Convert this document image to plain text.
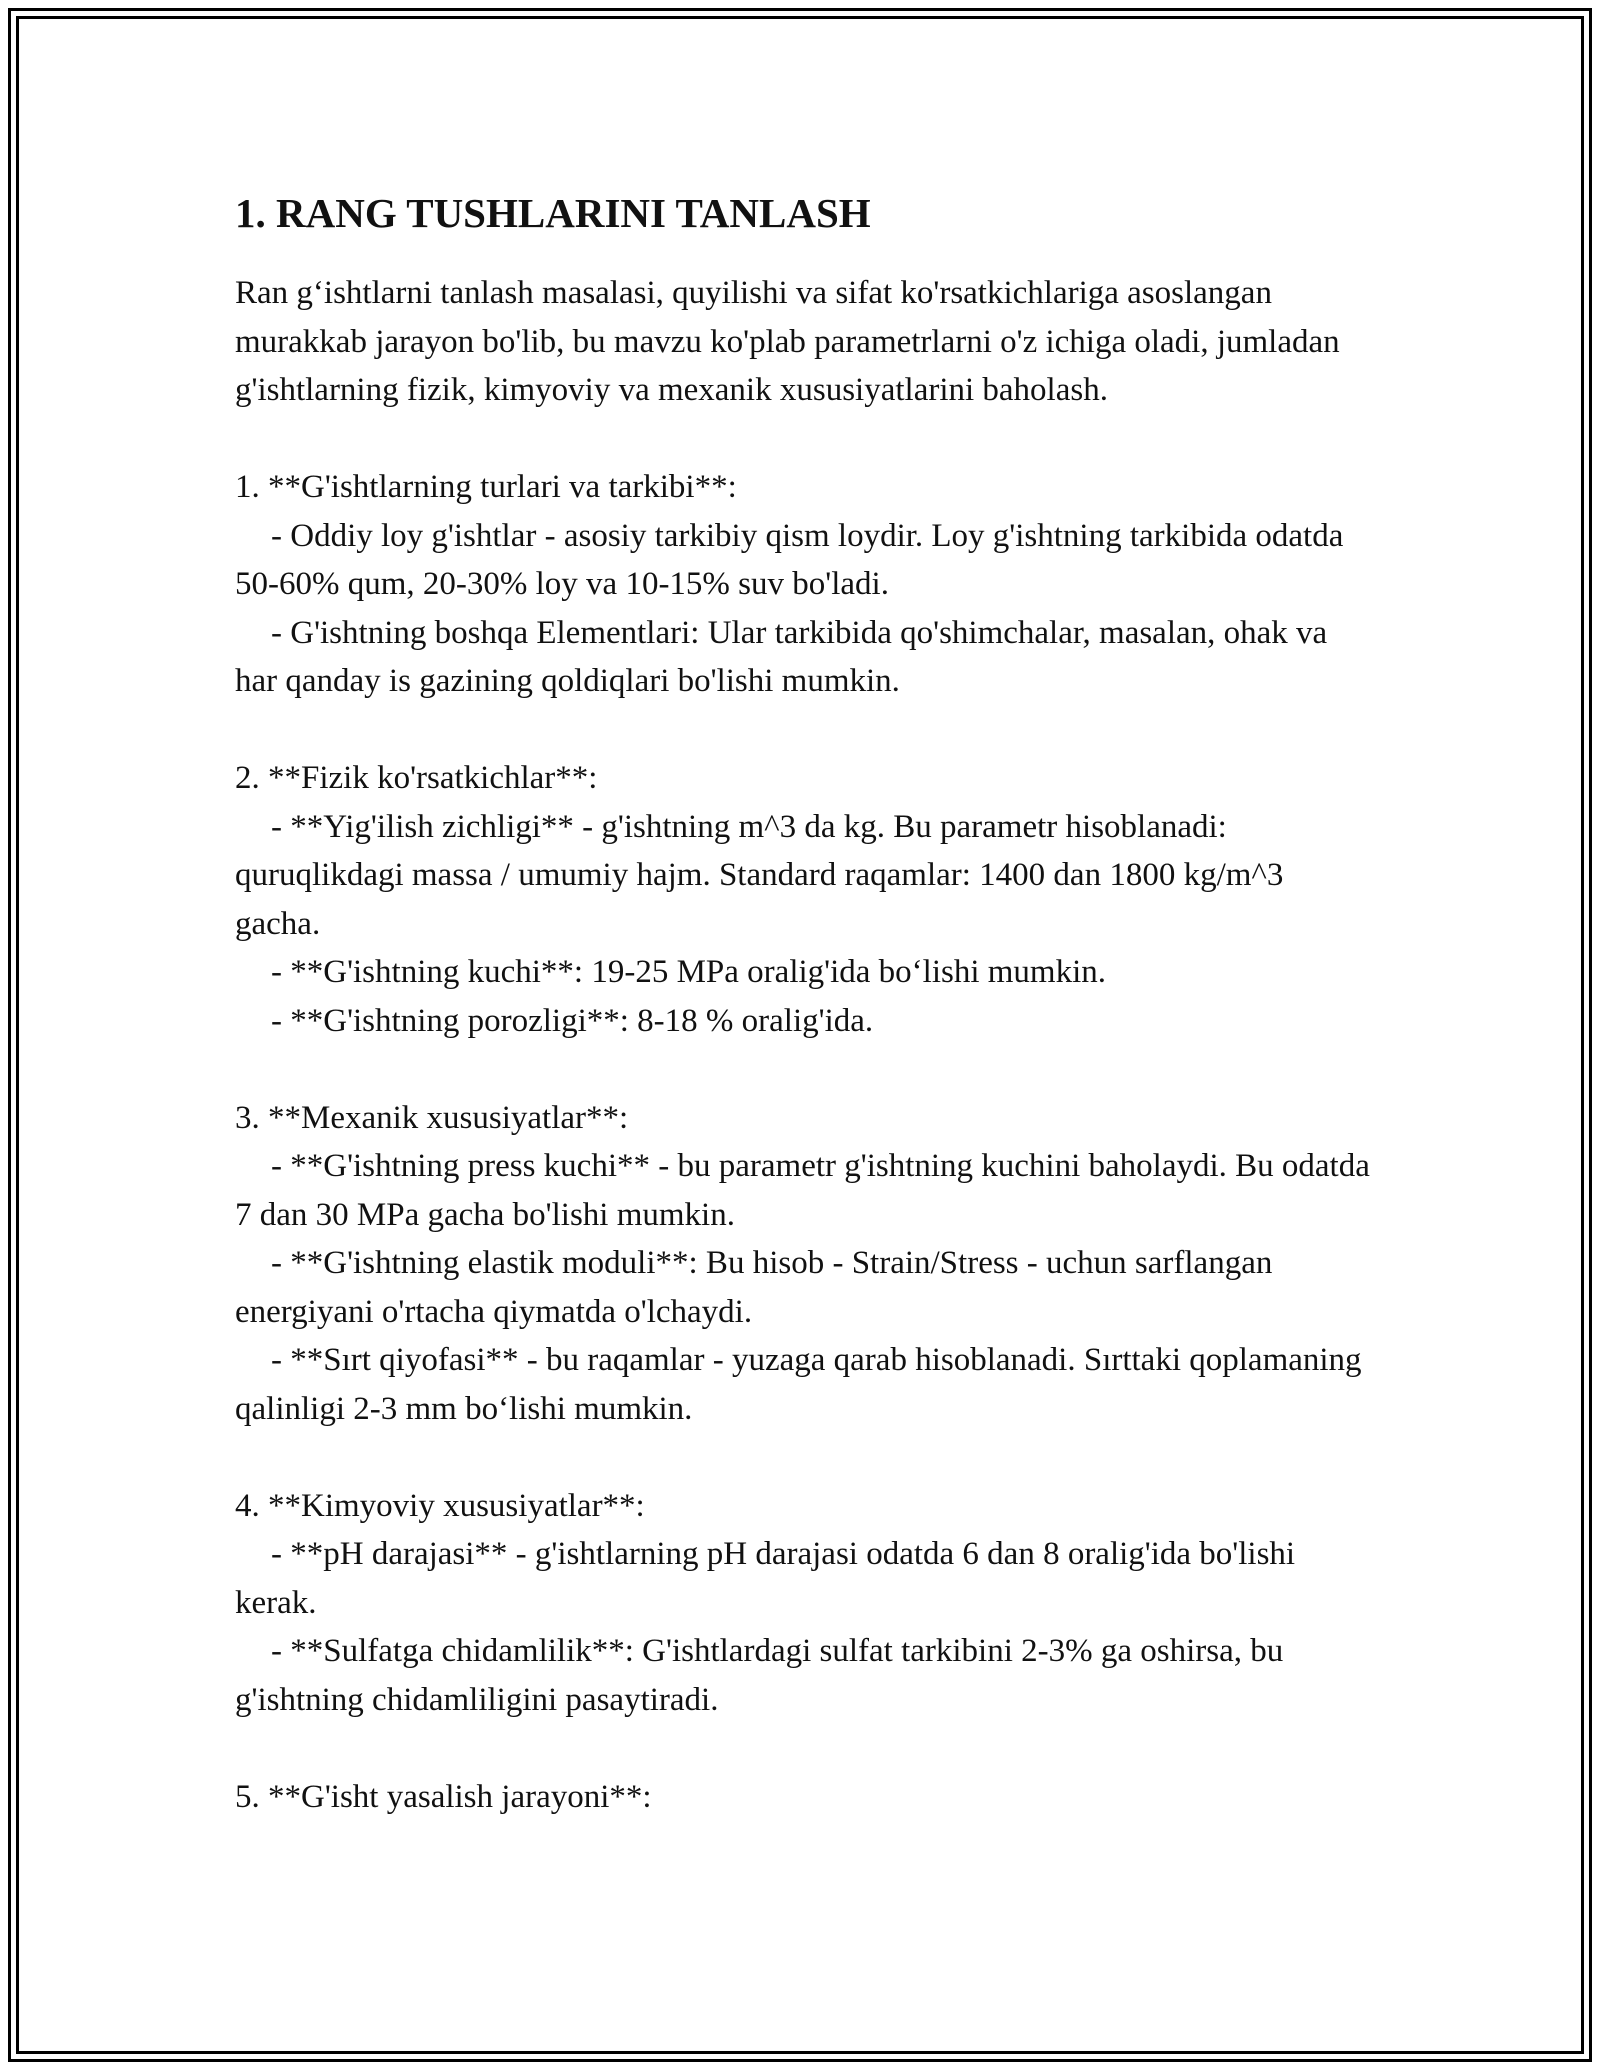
1. RANG TUSHLARINI TANLASH

Ran g‘ishtlarni tanlash masalasi, quyilishi va sifat ko'rsatkichlariga asoslangan murakkab jarayon bo'lib, bu mavzu ko'plab parametrlarni o'z ichiga oladi, jumladan g'ishtlarning fizik, kimyoviy va mexanik xususiyatlarini baholash.

1. **G'ishtlarning turlari va tarkibi**:

- Oddiy loy g'ishtlar - asosiy tarkibiy qism loydir. Loy g'ishtning tarkibida odatda 50-60% qum, 20-30% loy va 10-15% suv bo'ladi.

- G'ishtning boshqa Elementlari: Ular tarkibida qo'shimchalar, masalan, ohak va har qanday is gazining qoldiqlari bo'lishi mumkin.

2. **Fizik ko'rsatkichlar**:

- **Yig'ilish zichligi** - g'ishtning m^3 da kg. Bu parametr hisoblanadi: quruqlikdagi massa / umumiy hajm. Standard raqamlar: 1400 dan 1800 kg/m^3 gacha.

- **G'ishtning kuchi**: 19-25 MPa oralig'ida bo‘lishi mumkin.

- **G'ishtning porozligi**: 8-18 % oralig'ida.

3. **Mexanik xususiyatlar**:

- **G'ishtning press kuchi** - bu parametr g'ishtning kuchini baholaydi. Bu odatda 7 dan 30 MPa gacha bo'lishi mumkin.

- **G'ishtning elastik moduli**: Bu hisob - Strain/Stress - uchun sarflangan energiyani o'rtacha qiymatda o'lchaydi.

- **Sırt qiyofasi** - bu raqamlar - yuzaga qarab hisoblanadi. Sırttaki qoplamaning qalinligi 2-3 mm bo‘lishi mumkin.

4. **Kimyoviy xususiyatlar**:

- **pH darajasi** - g'ishtlarning pH darajasi odatda 6 dan 8 oralig'ida bo'lishi kerak.

- **Sulfatga chidamlilik**: G'ishtlardagi sulfat tarkibini 2-3% ga oshirsa, bu g'ishtning chidamliligini pasaytiradi.

5. **G'isht yasalish jarayoni**:
